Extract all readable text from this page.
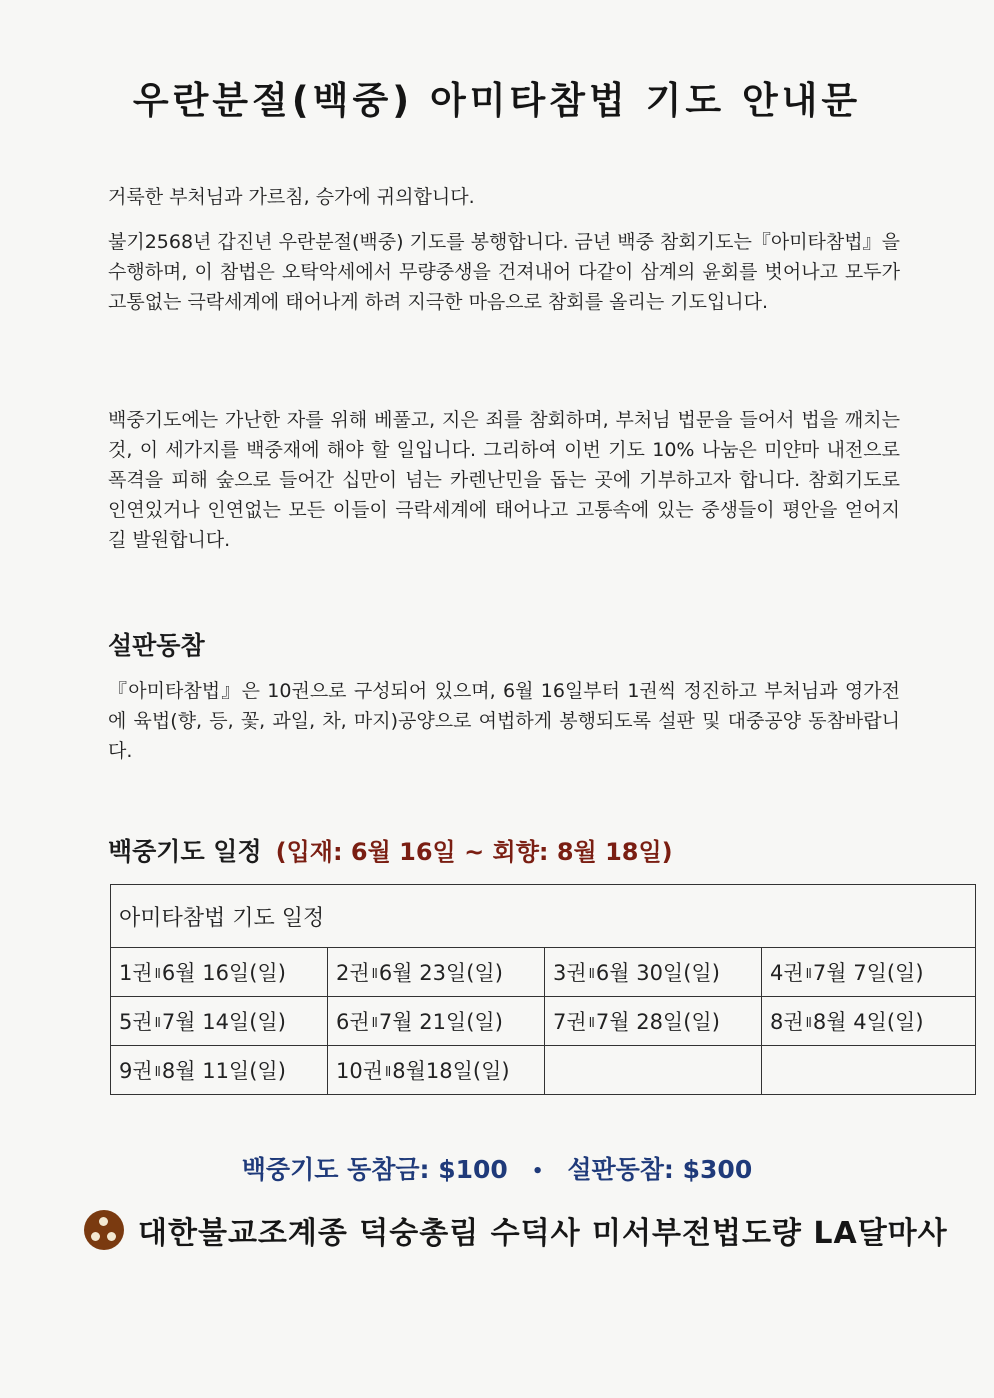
우란분절(백중) 아미타참법 기도 안내문

거룩한 부처님과 가르침, 승가에 귀의합니다.

불기2568년 갑진년 우란분절(백중) 기도를 봉행합니다. 금년 백중 참회기도는『아미타참법』을 수행하며, 이 참법은 오탁악세에서 무량중생을 건져내어 다같이 삼계의 윤회를 벗어나고 모두가 고통없는 극락세계에 태어나게 하려 지극한 마음으로 참회를 올리는 기도입니다.

백중기도에는 가난한 자를 위해 베풀고, 지은 죄를 참회하며, 부처님 법문을 들어서 법을 깨치는 것, 이 세가지를 백중재에 해야 할 일입니다. 그리하여 이번 기도 10% 나눔은 미얀마 내전으로 폭격을 피해 숲으로 들어간 십만이 넘는 카렌난민을 돕는 곳에 기부하고자 합니다. 참회기도로 인연있거나 인연없는 모든 이들이 극락세계에 태어나고 고통속에 있는 중생들이 평안을 얻어지길 발원합니다.

설판동참

『아미타참법』은 10권으로 구성되어 있으며, 6월 16일부터 1권씩 정진하고 부처님과 영가전에 육법(향, 등, 꽃, 과일, 차, 마지)공양으로 여법하게 봉행되도록 설판 및 대중공양 동참바랍니다.

백중기도 일정 (입재: 6월 16일 ~ 회향: 8월 18일)
아미타참법 기도 일정			
1권 ll6월 16일(일)	2권 ll6월 23일(일)	3권 ll6월 30일(일)	4권 ll7월 7일(일)
5권 ll7월 14일(일)	6권 ll7월 21일(일)	7권 ll7월 28일(일)	8권 ll8월 4일(일)
9권 ll8월 11일(일)	10권 ll8월18일(일)		
백중기도 동참금: $100 • 설판동참: $300
대한불교조계종 덕숭총림 수덕사 미서부전법도량 LA달마사
